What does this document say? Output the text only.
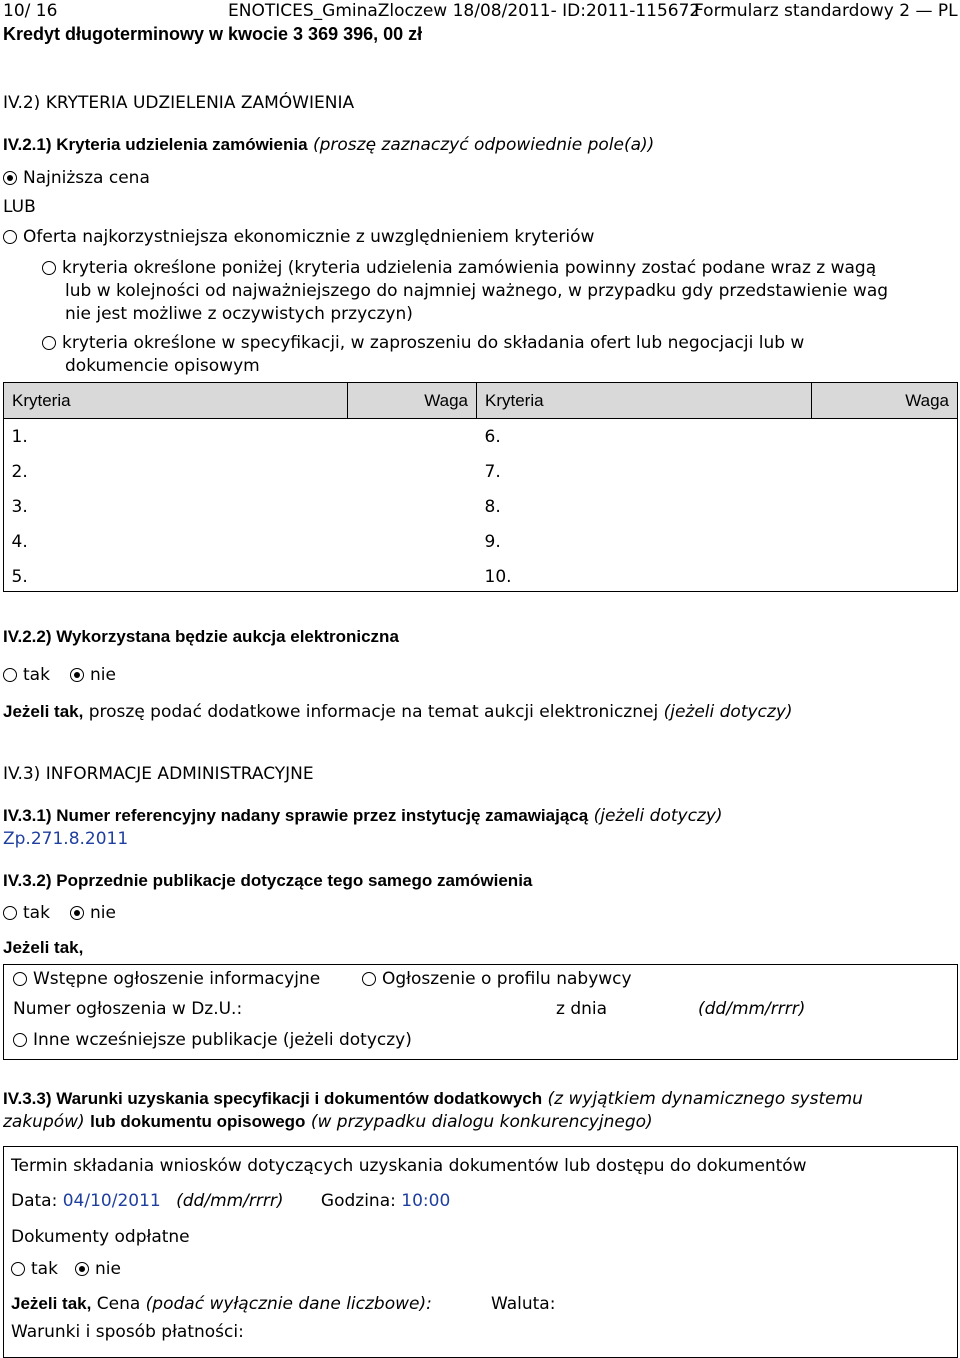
10/ 16	ENOTICES_GminaZloczew 18/08/2011- ID:2011-115672
Formularz standardowy 2 — PL
Kredyt długoterminowy w kwocie 3 369 396, 00 zł
IV.2) KRYTERIA UDZIELENIA ZAMÓWIENIA
IV.2.1) Kryteria udzielenia zamówienia (proszę zaznaczyć odpowiednie pole(a))
Najniższa cena
LUB
Oferta najkorzystniejsza ekonomicznie z uwzględnieniem kryteriów
kryteria określone poniżej (kryteria udzielenia zamówienia powinny zostać podane wraz z wagą
lub w kolejności od najważniejszego do najmniej ważnego, w przypadku gdy przedstawienie wag
nie jest możliwe z oczywistych przyczyn)
kryteria określone w specyfikacji, w zaproszeniu do składania ofert lub negocjacji lub w
dokumencie opisowym
Kryteria	Waga	Kryteria	Waga
1.		6.	
2.		7.	
3.		8.	
4.		9.	
5.		10.	
IV.2.2) Wykorzystana będzie aukcja elektroniczna
tak	nie
Jeżeli tak, proszę podać dodatkowe informacje na temat aukcji elektronicznej (jeżeli dotyczy)
IV.3) INFORMACJE ADMINISTRACYJNE
IV.3.1) Numer referencyjny nadany sprawie przez instytucję zamawiającą (jeżeli dotyczy)
Zp.271.8.2011
IV.3.2) Poprzednie publikacje dotyczące tego samego zamówienia
tak	nie
Jeżeli tak,
Wstępne ogłoszenie informacyjne	Ogłoszenie o profilu nabywcy
Numer ogłoszenia w Dz.U.:	z dnia	(dd/mm/rrrr)
Inne wcześniejsze publikacje (jeżeli dotyczy)
IV.3.3) Warunki uzyskania specyfikacji i dokumentów dodatkowych (z wyjątkiem dynamicznego systemu
zakupów) lub dokumentu opisowego (w przypadku dialogu konkurencyjnego)
Termin składania wniosków dotyczących uzyskania dokumentów lub dostępu do dokumentów
Data: 04/10/2011 (dd/mm/rrrr) Godzina: 10:00
Dokumenty odpłatne
tak	nie
Jeżeli tak, Cena (podać wyłącznie dane liczbowe):	Waluta:
Warunki i sposób płatności:
